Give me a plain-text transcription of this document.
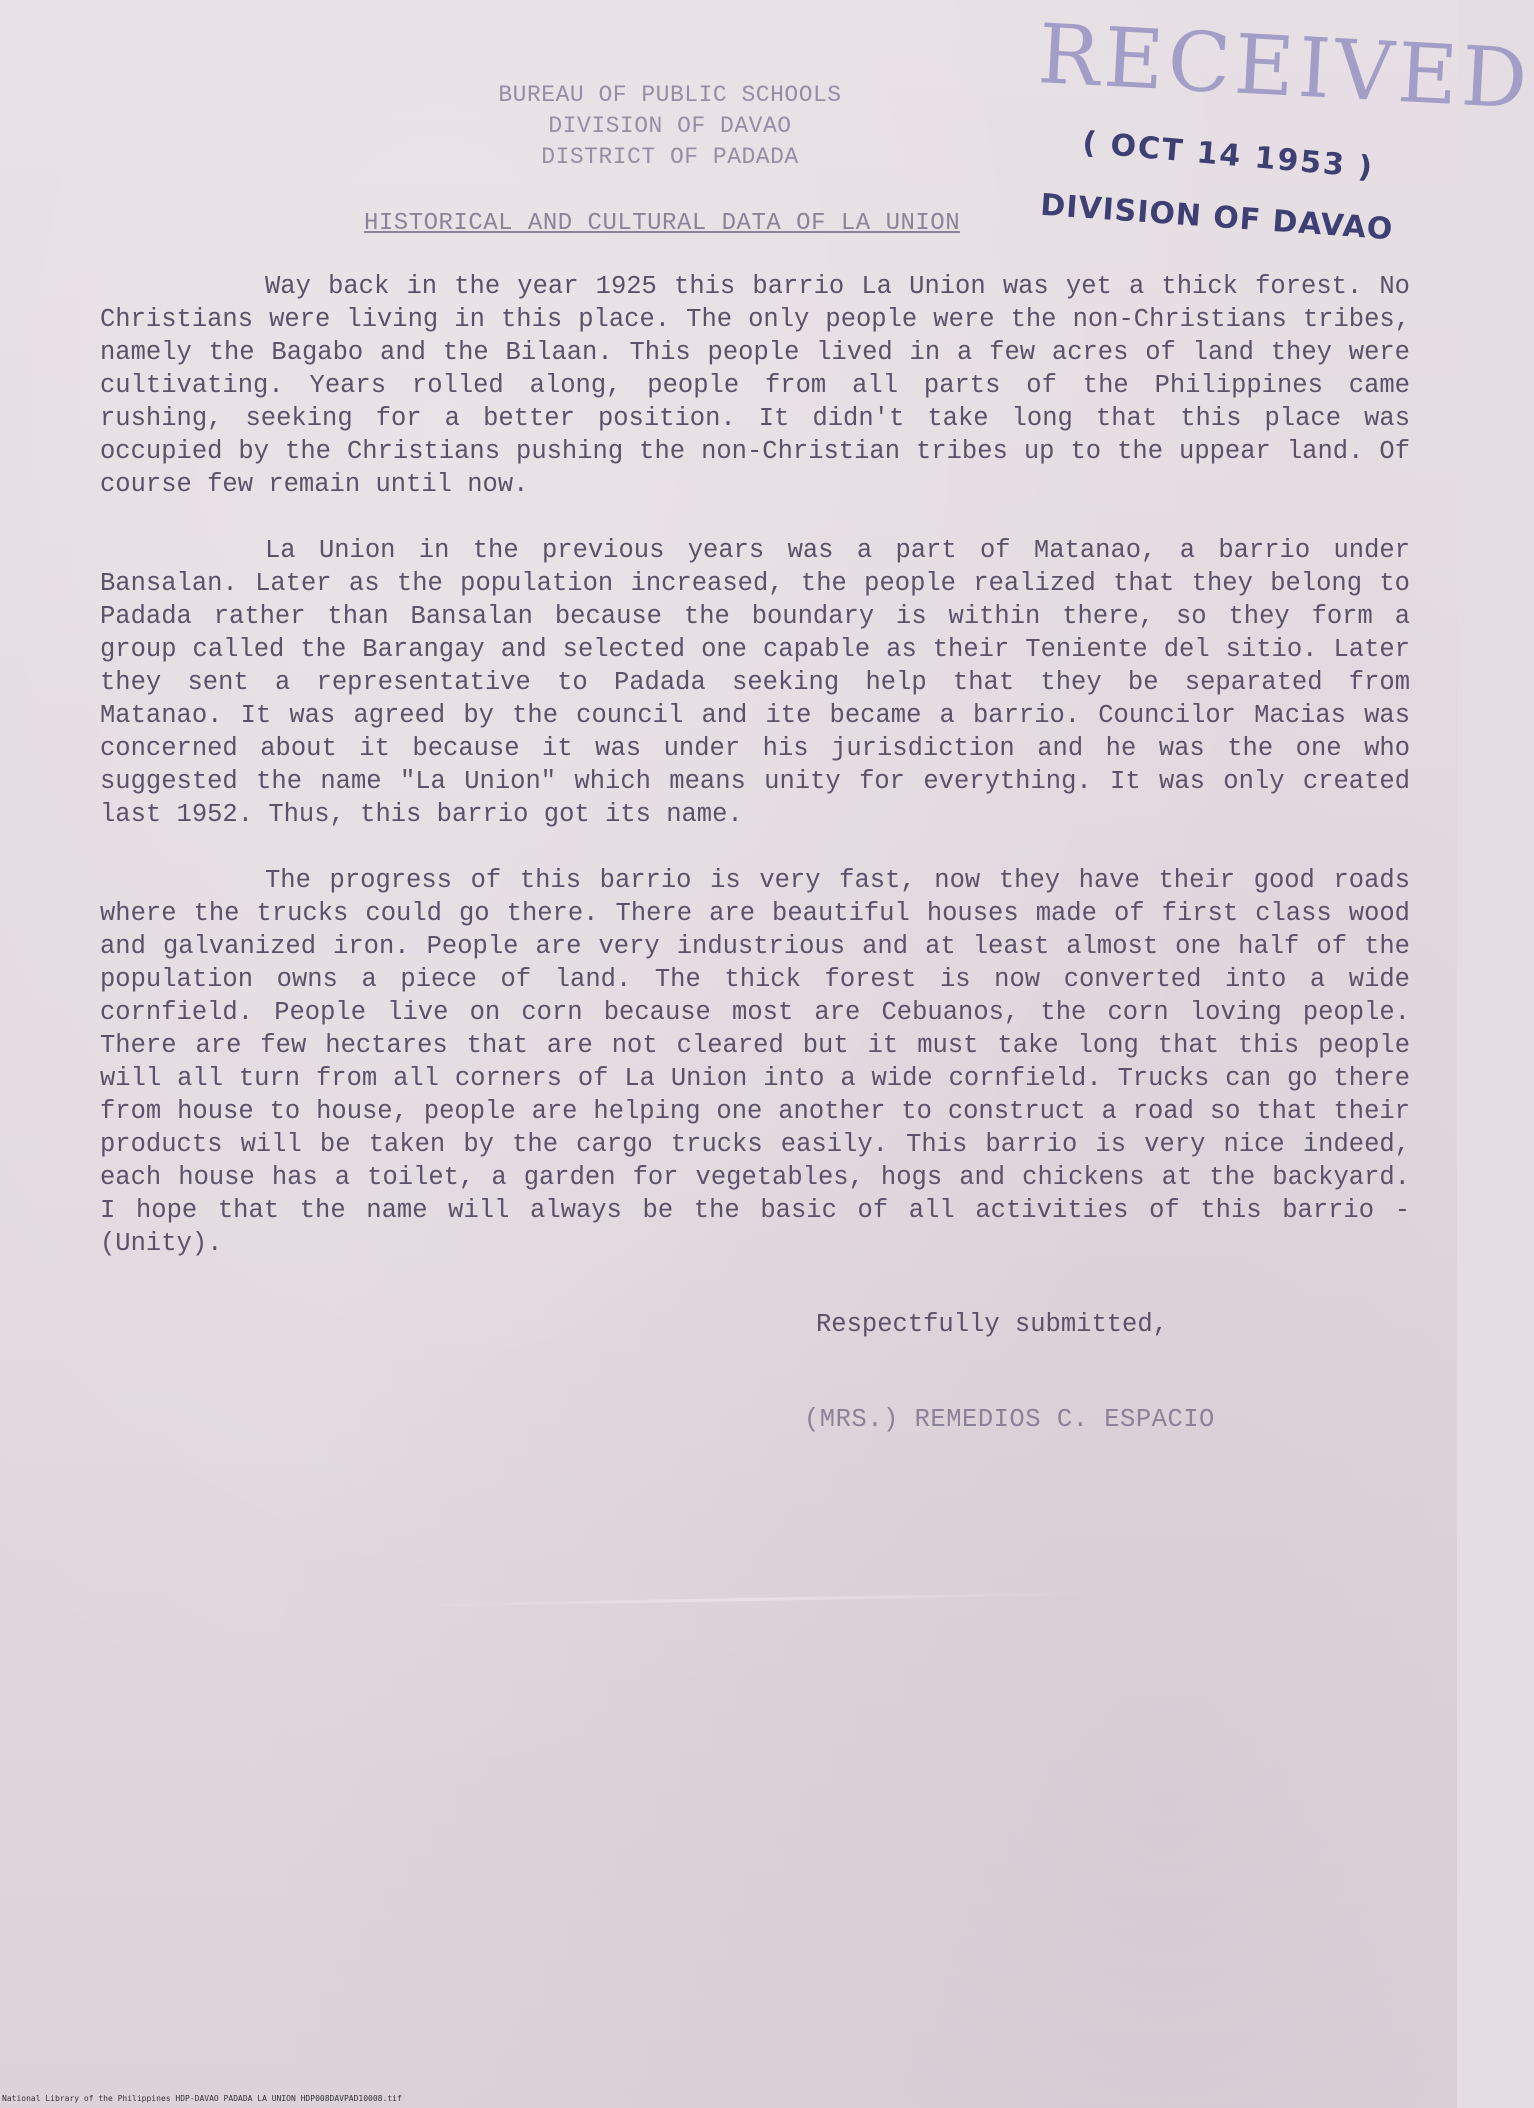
BUREAU OF PUBLIC SCHOOLS
DIVISION OF DAVAO
DISTRICT OF PADADA
RECEIVED
( OCT 14 1953 )
DIVISION OF DAVAO
HISTORICAL AND CULTURAL DATA OF LA UNION

Way back in the year 1925 this barrio La Union was yet a thick forest. No Christians were living in this place. The only people were the non-Christians tribes, namely the Bagabo and the Bilaan. This people lived in a few acres of land they were cultivating. Years rolled along, people from all parts of the Philippines came rushing, seeking for a better position. It didn't take long that this place was occupied by the Christians pushing the non-Christian tribes up to the uppear land. Of course few remain until now.

La Union in the previous years was a part of Matanao, a barrio under Bansalan. Later as the population increased, the people realized that they belong to Padada rather than Bansalan because the boundary is within there, so they form a group called the Barangay and selected one capable as their Teniente del sitio. Later they sent a representative to Padada seeking help that they be separated from Matanao. It was agreed by the council and ite became a barrio. Councilor Macias was concerned about it because it was under his jurisdiction and he was the one who suggested the name "La Union" which means unity for everything. It was only created last 1952. Thus, this barrio got its name.

The progress of this barrio is very fast, now they have their good roads where the trucks could go there. There are beautiful houses made of first class wood and galvanized iron. People are very industrious and at least almost one half of the population owns a piece of land. The thick forest is now converted into a wide cornfield. People live on corn because most are Cebuanos, the corn loving people. There are few hectares that are not cleared but it must take long that this people will all turn from all corners of La Union into a wide cornfield. Trucks can go there from house to house, people are helping one another to construct a road so that their products will be taken by the cargo trucks easily. This barrio is very nice indeed, each house has a toilet, a garden for vegetables, hogs and chickens at the backyard. I hope that the name will always be the basic of all activities of this barrio - (Unity).

Respectfully submitted,
(MRS.) REMEDIOS C. ESPACIO
National Library of the Philippines HDP-DAVAO PADADA LA UNION HDP008DAVPAD10008.tif
